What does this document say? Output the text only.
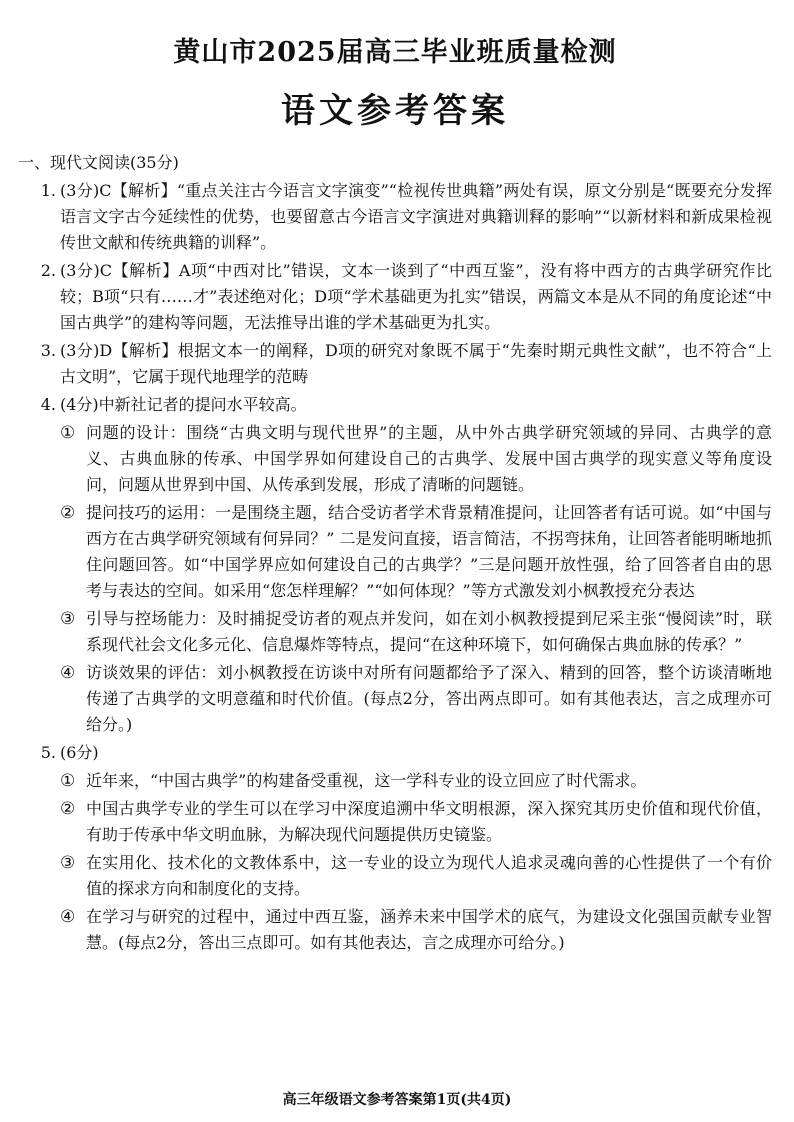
黄山市2025届高三毕业班质量检测
语文参考答案
一、现代文阅读(35分)
1. (3分)C【解析】“重点关注古今语言文字演变”“检视传世典籍”两处有误，原文分别是“既要充分发挥语言文字古今延续性的优势，也要留意古今语言文字演进对典籍训释的影响”“以新材料和新成果检视传世文献和传统典籍的训释”。
2. (3分)C【解析】A项“中西对比”错误，文本一谈到了“中西互鉴”，没有将中西方的古典学研究作比较；B项“只有……才”表述绝对化；D项“学术基础更为扎实”错误，两篇文本是从不同的角度论述“中国古典学”的建构等问题，无法推导出谁的学术基础更为扎实。
3. (3分)D【解析】根据文本一的阐释，D项的研究对象既不属于“先秦时期元典性文献”，也不符合“上古文明”，它属于现代地理学的范畴
4. (4分)中新社记者的提问水平较高。
① 问题的设计：围绕“古典文明与现代世界”的主题，从中外古典学研究领域的异同、古典学的意义、古典血脉的传承、中国学界如何建设自己的古典学、发展中国古典学的现实意义等角度设问，问题从世界到中国、从传承到发展，形成了清晰的问题链。
② 提问技巧的运用：一是围绕主题，结合受访者学术背景精准提问，让回答者有话可说。如“中国与西方在古典学研究领域有何异同？” 二是发问直接，语言简洁，不拐弯抹角，让回答者能明晰地抓住问题回答。如“中国学界应如何建设自己的古典学？”三是问题开放性强，给了回答者自由的思考与表达的空间。如采用“您怎样理解？”“如何体现？”等方式激发刘小枫教授充分表达
③ 引导与控场能力：及时捕捉受访者的观点并发问，如在刘小枫教授提到尼采主张“慢阅读”时，联系现代社会文化多元化、信息爆炸等特点，提问“在这种环境下，如何确保古典血脉的传承？”
④ 访谈效果的评估：刘小枫教授在访谈中对所有问题都给予了深入、精到的回答，整个访谈清晰地传递了古典学的文明意蕴和时代价值。(每点2分，答出两点即可。如有其他表达，言之成理亦可给分。)
5. (6分)
① 近年来，“中国古典学”的构建备受重视，这一学科专业的设立回应了时代需求。
② 中国古典学专业的学生可以在学习中深度追溯中华文明根源，深入探究其历史价值和现代价值，有助于传承中华文明血脉，为解决现代问题提供历史镜鉴。
③ 在实用化、技术化的文教体系中，这一专业的设立为现代人追求灵魂向善的心性提供了一个有价值的探求方向和制度化的支持。
④ 在学习与研究的过程中，通过中西互鉴，涵养未来中国学术的底气，为建设文化强国贡献专业智慧。(每点2分，答出三点即可。如有其他表达，言之成理亦可给分。)
高三年级语文参考答案第1页(共4页)
